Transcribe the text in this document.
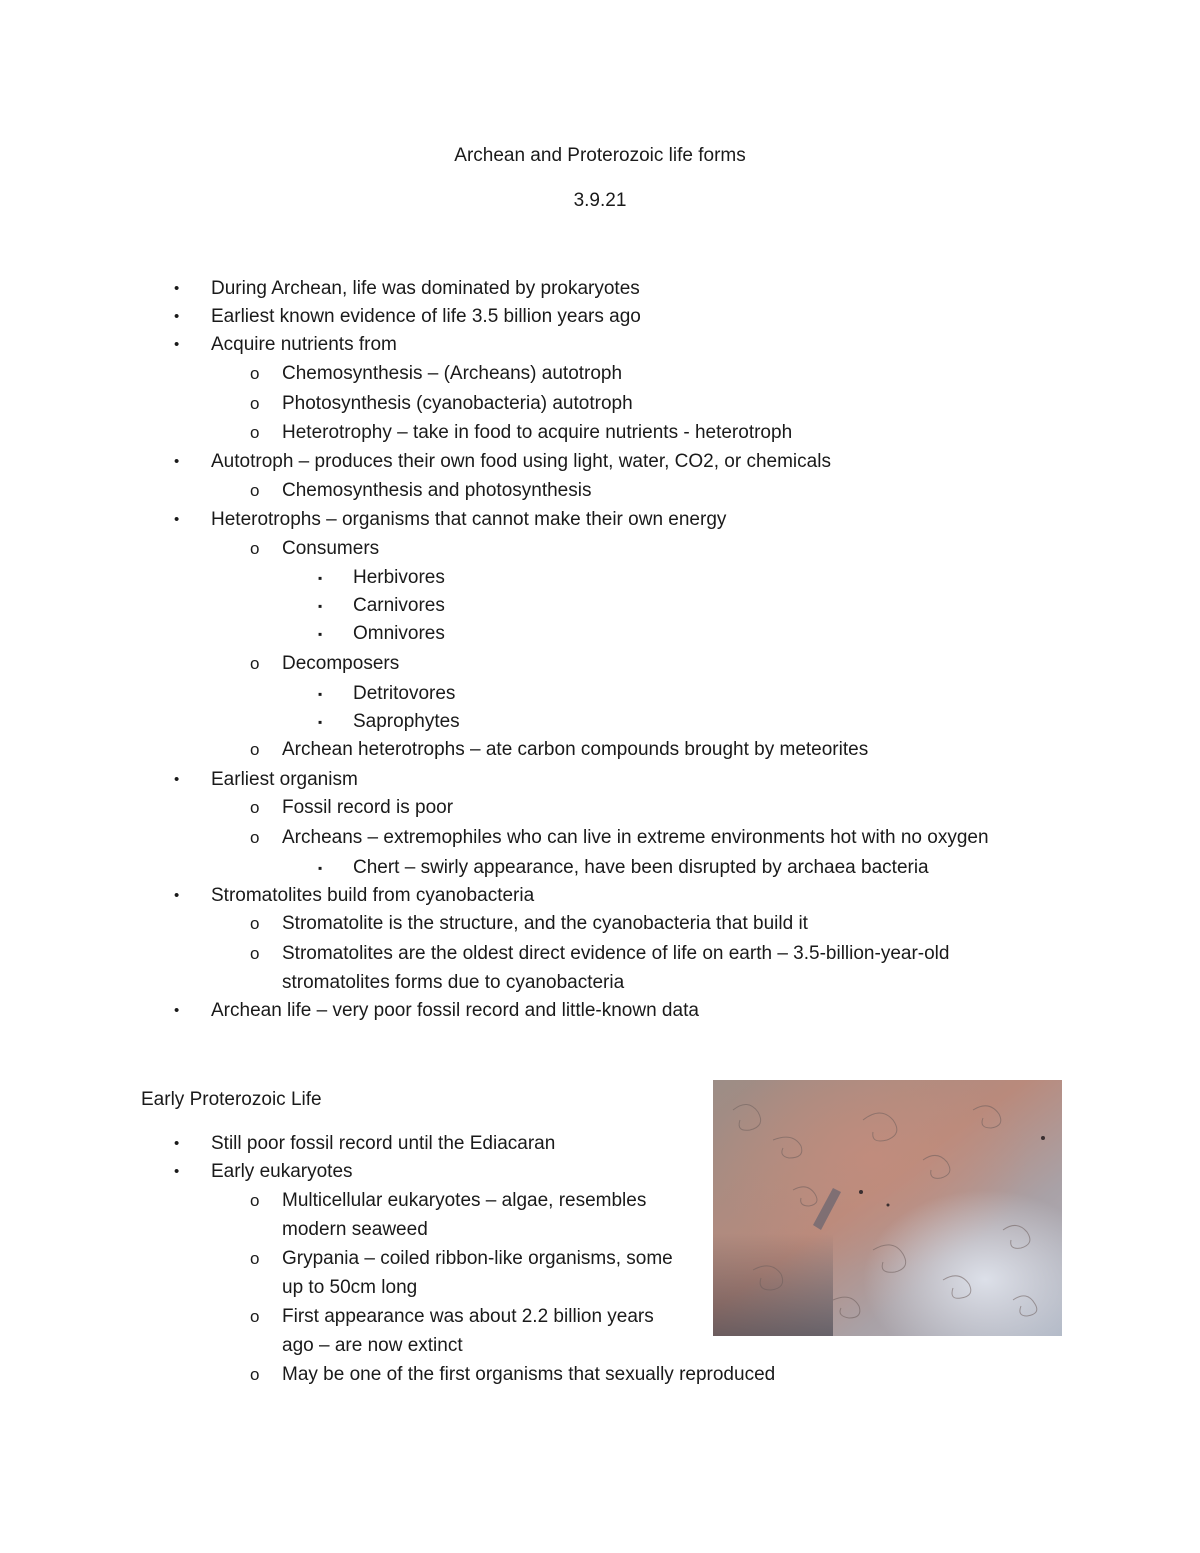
Archean and Proterozoic life forms
3.9.21
• During Archean, life was dominated by prokaryotes
• Earliest known evidence of life 3.5 billion years ago
• Acquire nutrients from
o Chemosynthesis – (Archeans) autotroph
o Photosynthesis (cyanobacteria) autotroph
o Heterotrophy – take in food to acquire nutrients - heterotroph
• Autotroph – produces their own food using light, water, CO2, or chemicals
o Chemosynthesis and photosynthesis
• Heterotrophs – organisms that cannot make their own energy
o Consumers
▪ Herbivores
▪ Carnivores
▪ Omnivores
o Decomposers
▪ Detritovores
▪ Saprophytes
o Archean heterotrophs – ate carbon compounds brought by meteorites
• Earliest organism
o Fossil record is poor
o Archeans – extremophiles who can live in extreme environments hot with no oxygen
▪ Chert – swirly appearance, have been disrupted by archaea bacteria
• Stromatolites build from cyanobacteria
o Stromatolite is the structure, and the cyanobacteria that build it
o Stromatolites are the oldest direct evidence of life on earth – 3.5-billion-year-old
stromatolites forms due to cyanobacteria
• Archean life – very poor fossil record and little-known data
Early Proterozoic Life
• Still poor fossil record until the Ediacaran
• Early eukaryotes
o Multicellular eukaryotes – algae, resembles
modern seaweed
o Grypania – coiled ribbon-like organisms, some
up to 50cm long
o First appearance was about 2.2 billion years
ago – are now extinct
o May be one of the first organisms that sexually reproduced
